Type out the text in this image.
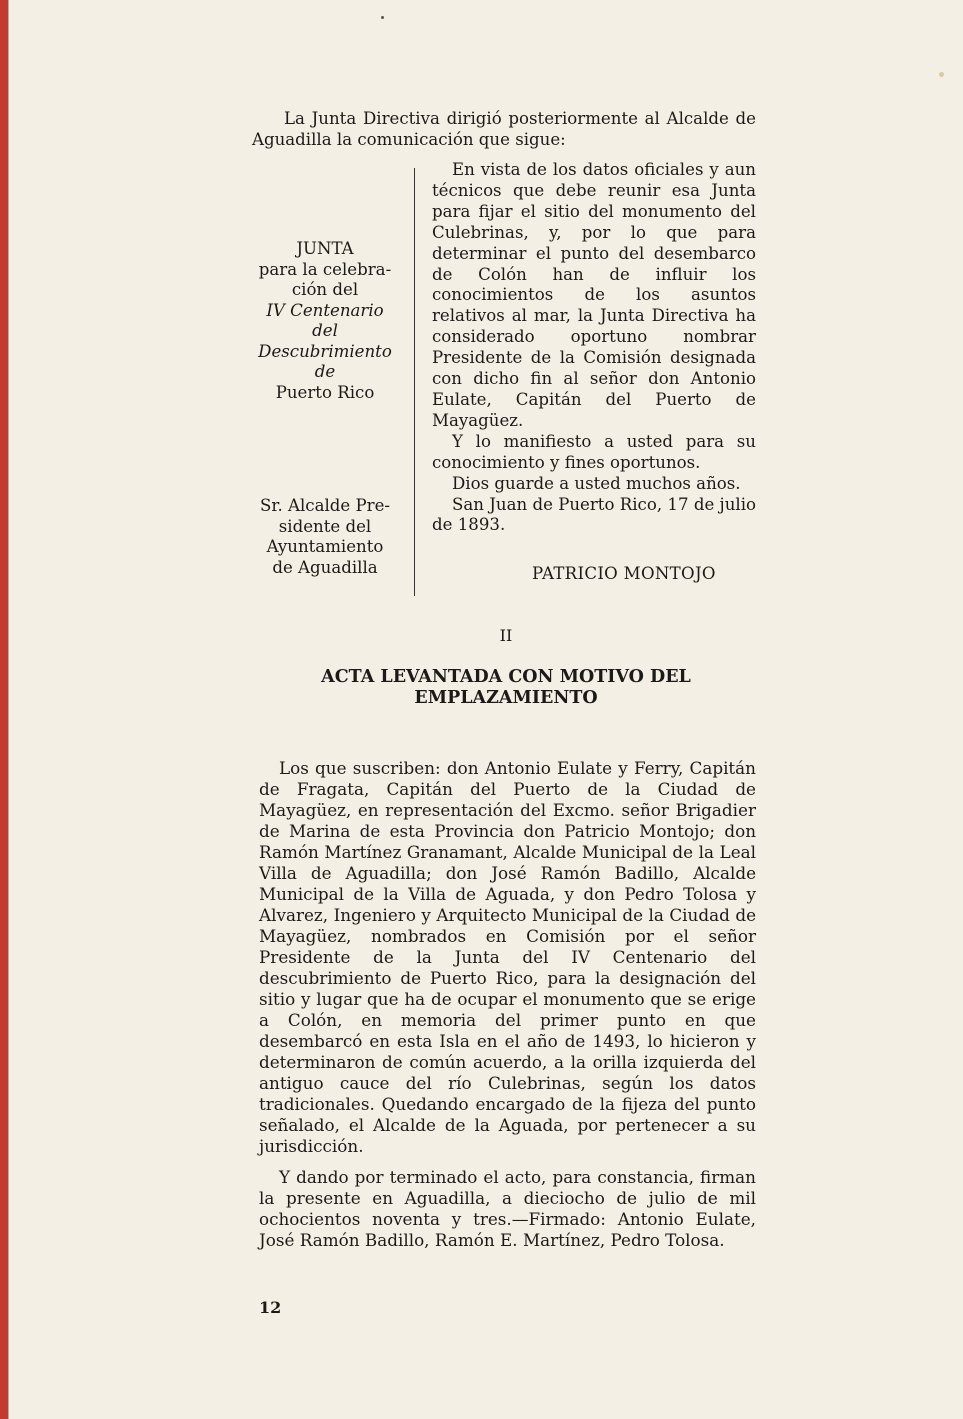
La Junta Directiva dirigió posteriormente al Alcalde de Aguadilla la comunicación que sigue:
JUNTA
para la celebra-
ción del
IV Centenario
del
Descubrimiento
de
Puerto Rico
Sr. Alcalde Pre-
sidente del
Ayuntamiento
de Aguadilla

En vista de los datos oficiales y aun técnicos que debe reunir esa Junta para fijar el sitio del monumento del Culebrinas, y, por lo que para determinar el punto del desembarco de Colón han de influir los conocimientos de los asuntos relativos al mar, la Junta Directiva ha considerado oportuno nombrar Presidente de la Comisión designada con dicho fin al señor don Antonio Eulate, Capitán del Puerto de Mayagüez.

Y lo manifiesto a usted para su conocimiento y fines oportunos.

Dios guarde a usted muchos años.

San Juan de Puerto Rico, 17 de julio de 1893.

PATRICIO MONTOJO
II
ACTA LEVANTADA CON MOTIVO DEL
EMPLAZAMIENTO

Los que suscriben: don Antonio Eulate y Ferry, Capitán de Fragata, Capitán del Puerto de la Ciudad de Mayagüez, en representación del Excmo. señor Brigadier de Marina de esta Provincia don Patricio Montojo; don Ramón Martínez Granamant, Alcalde Municipal de la Leal Villa de Aguadilla; don José Ramón Badillo, Alcalde Municipal de la Villa de Aguada, y don Pedro Tolosa y Alvarez, Ingeniero y Arquitecto Municipal de la Ciudad de Mayagüez, nombrados en Comisión por el señor Presidente de la Junta del IV Centenario del descubrimiento de Puerto Rico, para la designación del sitio y lugar que ha de ocupar el monumento que se erige a Colón, en memoria del primer punto en que desembarcó en esta Isla en el año de 1493, lo hicieron y determinaron de común acuerdo, a la orilla izquierda del antiguo cauce del río Culebrinas, según los datos tradicionales. Quedando encargado de la fijeza del punto señalado, el Alcalde de la Aguada, por pertenecer a su jurisdicción.

Y dando por terminado el acto, para constancia, firman la presente en Aguadilla, a dieciocho de julio de mil ochocientos noventa y tres.—Firmado: Antonio Eulate, José Ramón Badillo, Ramón E. Martínez, Pedro Tolosa.

12
